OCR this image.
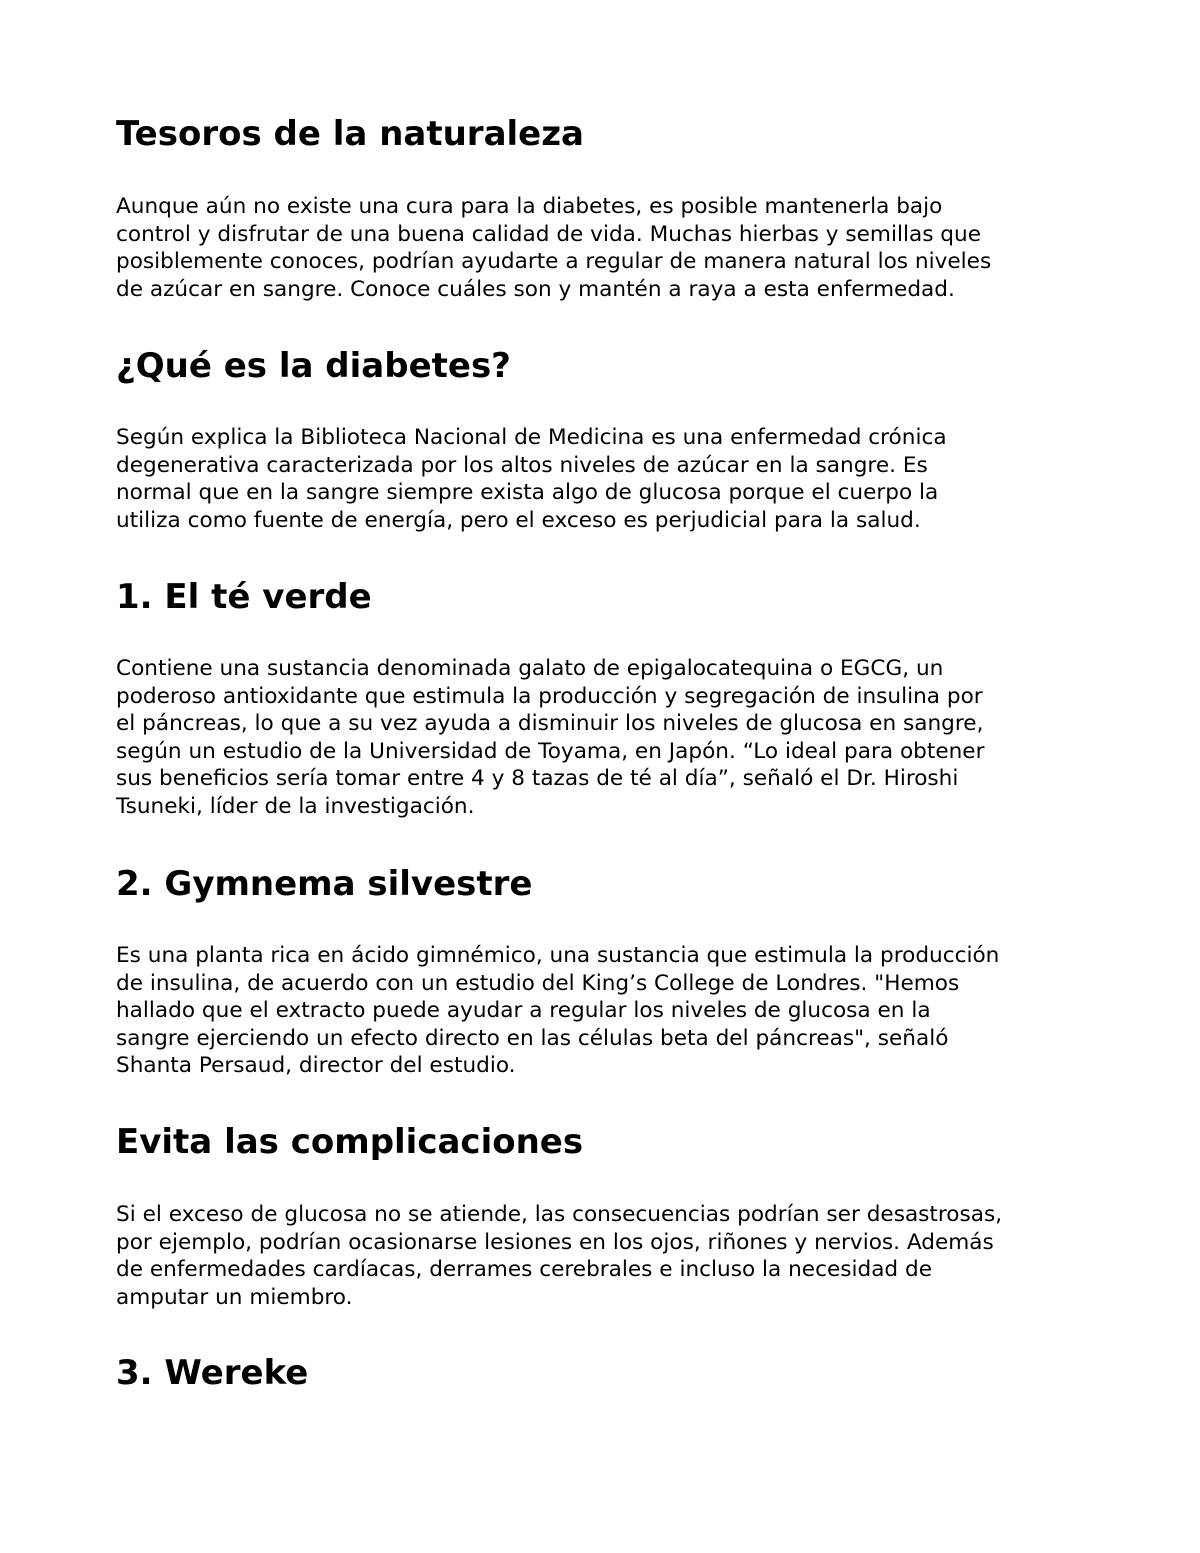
Tesoros de la naturaleza

Aunque aún no existe una cura para la diabetes, es posible mantenerla bajo
control y disfrutar de una buena calidad de vida. Muchas hierbas y semillas que
posiblemente conoces, podrían ayudarte a regular de manera natural los niveles
de azúcar en sangre. Conoce cuáles son y mantén a raya a esta enfermedad.

¿Qué es la diabetes?

Según explica la Biblioteca Nacional de Medicina es una enfermedad crónica
degenerativa caracterizada por los altos niveles de azúcar en la sangre. Es
normal que en la sangre siempre exista algo de glucosa porque el cuerpo la
utiliza como fuente de energía, pero el exceso es perjudicial para la salud.

1. El té verde

Contiene una sustancia denominada galato de epigalocatequina o EGCG, un
poderoso antioxidante que estimula la producción y segregación de insulina por
el páncreas, lo que a su vez ayuda a disminuir los niveles de glucosa en sangre,
según un estudio de la Universidad de Toyama, en Japón. “Lo ideal para obtener
sus beneficios sería tomar entre 4 y 8 tazas de té al día”, señaló el Dr. Hiroshi
Tsuneki, líder de la investigación.

2. Gymnema silvestre

Es una planta rica en ácido gimnémico, una sustancia que estimula la producción
de insulina, de acuerdo con un estudio del King’s College de Londres. "Hemos
hallado que el extracto puede ayudar a regular los niveles de glucosa en la
sangre ejerciendo un efecto directo en las células beta del páncreas", señaló
Shanta Persaud, director del estudio.

Evita las complicaciones

Si el exceso de glucosa no se atiende, las consecuencias podrían ser desastrosas,
por ejemplo, podrían ocasionarse lesiones en los ojos, riñones y nervios. Además
de enfermedades cardíacas, derrames cerebrales e incluso la necesidad de
amputar un miembro.

3. Wereke
